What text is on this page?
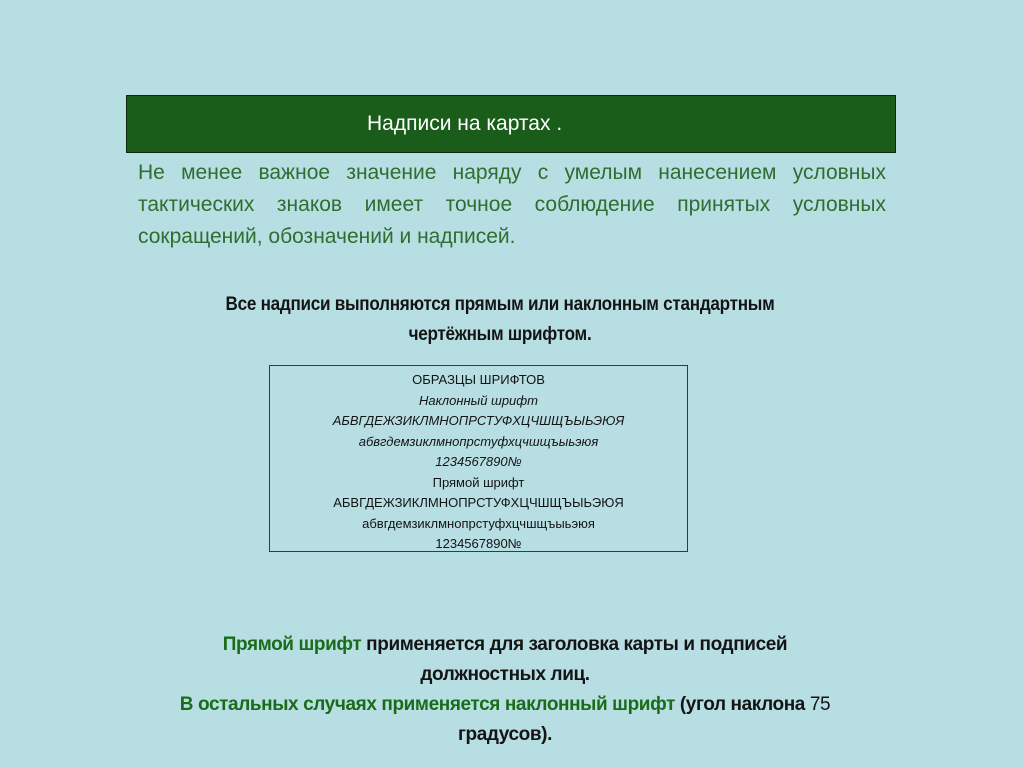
Надписи на картах .
Не менее важное значение наряду с умелым нанесением условных тактических знаков имеет точное соблюдение принятых условных сокращений, обозначений и надписей.
Все надписи выполняются прямым или наклонным стандартным
чертёжным шрифтом.
ОБРАЗЦЫ ШРИФТОВ
Наклонный шрифт
АБВГДЕЖЗИКЛМНОПРСТУФХЦЧШЩЪЫЬЭЮЯ
абвгдемзиклмнопрстуфхцчшщъыьэюя
1234567890№
Прямой шрифт
АБВГДЕЖЗИКЛМНОПРСТУФХЦЧШЩЪЫЬЭЮЯ
абвгдемзиклмнопрстуфхцчшщъыьэюя
1234567890№
Прямой шрифт применяется для заголовка карты и подписей
должностных лиц.
В остальных случаях применяется наклонный шрифт (угол наклона 75
градусов).
